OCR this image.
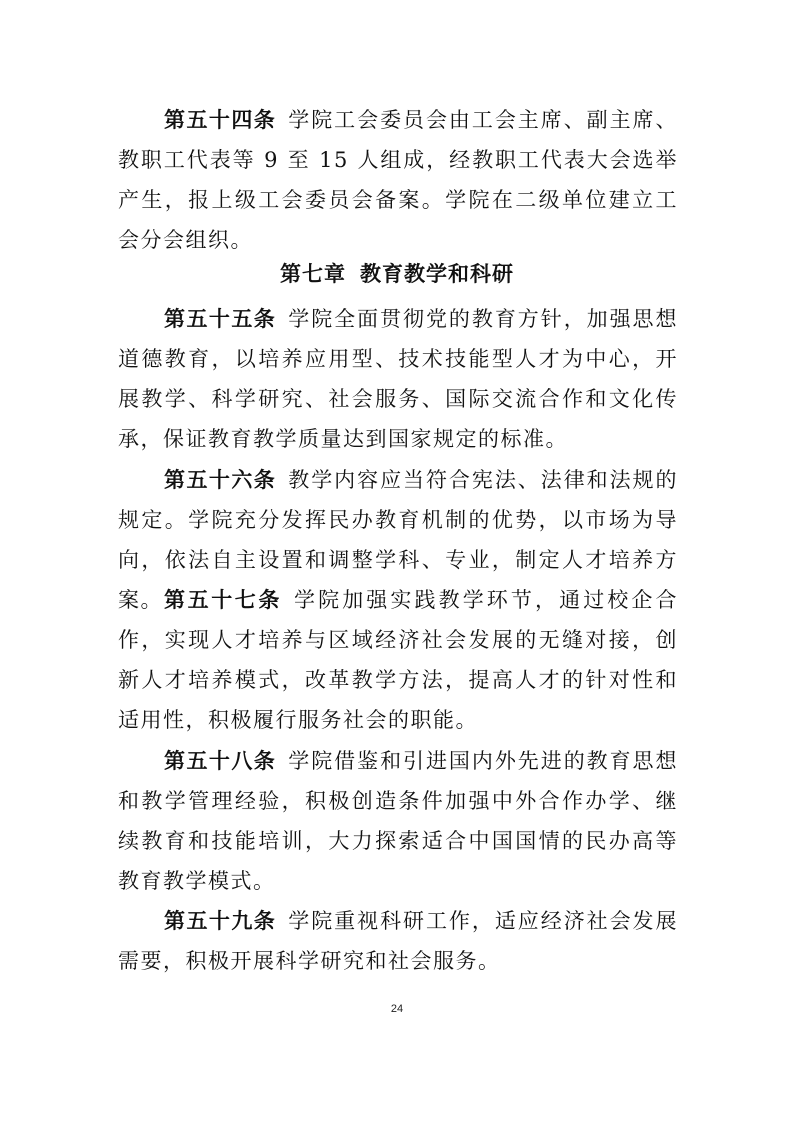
第五十四条 学院工会委员会由工会主席、副主席、教职工代表等 9 至 15 人组成，经教职工代表大会选举产生，报上级工会委员会备案。学院在二级单位建立工会分会组织。

第七章 教育教学和科研

第五十五条 学院全面贯彻党的教育方针，加强思想道德教育，以培养应用型、技术技能型人才为中心，开展教学、科学研究、社会服务、国际交流合作和文化传承，保证教育教学质量达到国家规定的标准。

第五十六条 教学内容应当符合宪法、法律和法规的规定。学院充分发挥民办教育机制的优势，以市场为导向，依法自主设置和调整学科、专业，制定人才培养方案。 第五十七条 学院加强实践教学环节，通过校企合作，实现人才培养与区域经济社会发展的无缝对接，创新人才培养模式，改革教学方法，提高人才的针对性和适用性，积极履行服务社会的职能。

第五十八条 学院借鉴和引进国内外先进的教育思想和教学管理经验，积极创造条件加强中外合作办学、继续教育和技能培训，大力探索适合中国国情的民办高等教育教学模式。

第五十九条 学院重视科研工作，适应经济社会发展需要，积极开展科学研究和社会服务。

24
